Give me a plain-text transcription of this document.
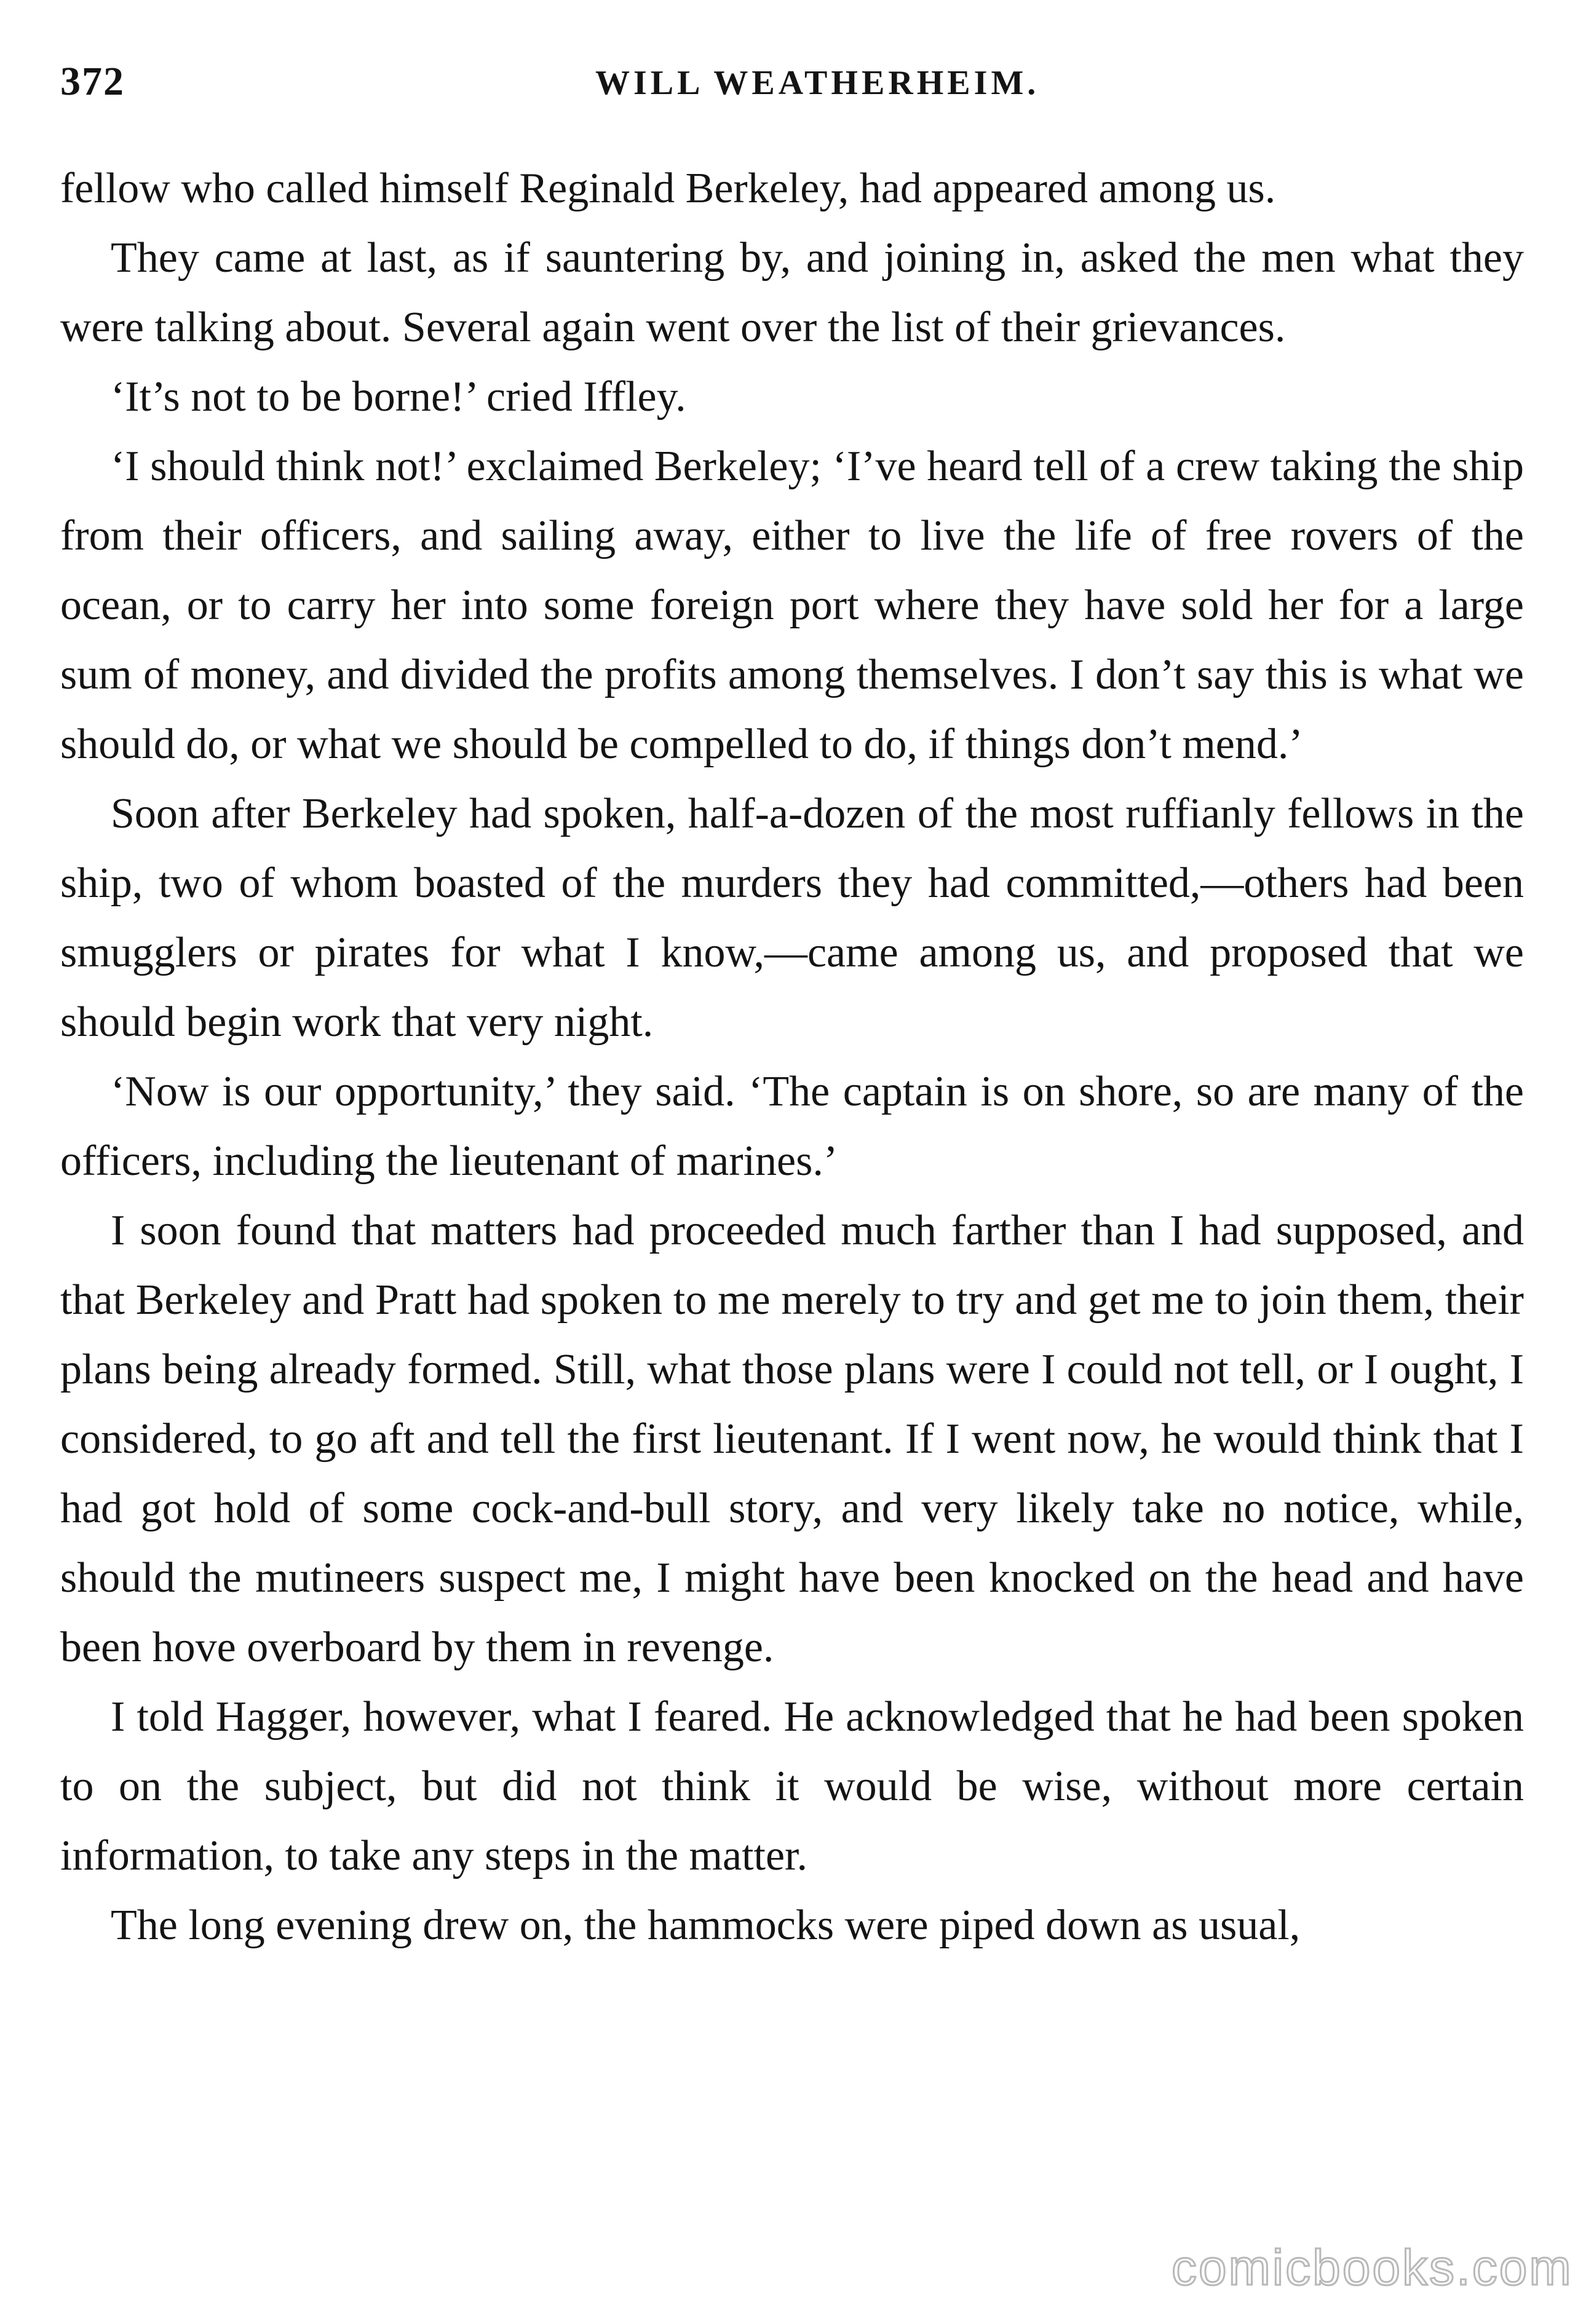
372	WILL WEATHERHEIM.

fellow who called himself Reginald Berkeley, had appeared among us.

They came at last, as if sauntering by, and joining in, asked the men what they were talking about. Several again went over the list of their grievances.

‘It’s not to be borne!’ cried Iffley.

‘I should think not!’ exclaimed Berkeley; ‘I’ve heard tell of a crew taking the ship from their officers, and sailing away, either to live the life of free rovers of the ocean, or to carry her into some foreign port where they have sold her for a large sum of money, and divided the profits among themselves. I don’t say this is what we should do, or what we should be compelled to do, if things don’t mend.’

Soon after Berkeley had spoken, half-a-dozen of the most ruffianly fellows in the ship, two of whom boasted of the murders they had committed,—others had been smugglers or pirates for what I know,—came among us, and proposed that we should begin work that very night.

‘Now is our opportunity,’ they said. ‘The captain is on shore, so are many of the officers, including the lieutenant of marines.’

I soon found that matters had proceeded much farther than I had supposed, and that Berkeley and Pratt had spoken to me merely to try and get me to join them, their plans being already formed. Still, what those plans were I could not tell, or I ought, I considered, to go aft and tell the first lieutenant. If I went now, he would think that I had got hold of some cock-and-bull story, and very likely take no notice, while, should the mutineers suspect me, I might have been knocked on the head and have been hove overboard by them in revenge.

I told Hagger, however, what I feared. He acknowledged that he had been spoken to on the subject, but did not think it would be wise, without more certain information, to take any steps in the matter.

The long evening drew on, the hammocks were piped down as usual,

comicbooks.com
